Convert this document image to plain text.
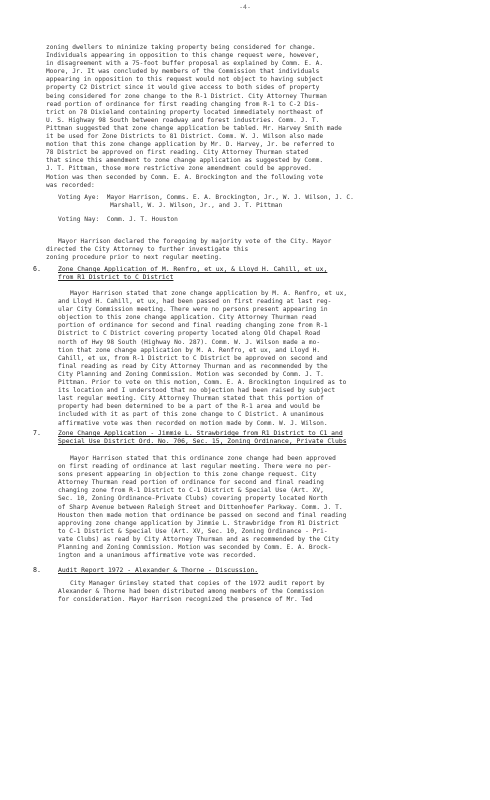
-4-
zoning dwellers to minimize taking property being considered for change.
Individuals appearing in opposition to this change request were, however,
in disagreement with a 75-foot buffer proposal as explained by Comm. E. A.
Moore, Jr. It was concluded by members of the Commission that individuals
appearing in opposition to this request would not object to having subject
property C2 District since it would give access to both sides of property
being considered for zone change to the R-1 District. City Attorney Thurman
read portion of ordinance for first reading changing from R-1 to C-2 Dis-
trict on 78 Dixieland containing property located immediately northeast of
U. S. Highway 98 South between roadway and forest industries. Comm. J. T.
Pittman suggested that zone change application be tabled. Mr. Harvey Smith made
it be used for Zone Districts to 81 District. Comm. W. J. Wilson also made
motion that this zone change application by Mr. D. Harvey, Jr. be referred to
78 District be approved on first reading. City Attorney Thurman stated
that since this amendment to zone change application as suggested by Comm.
J. T. Pittman, those more restrictive zone amendment could be approved.
Motion was then seconded by Comm. E. A. Brockington and the following vote
was recorded:
Voting Aye: Mayor Harrison, Comms. E. A. Brockington, Jr., W. J. Wilson, J. C.
Marshall, W. J. Wilson, Jr., and J. T. Pittman
Voting Nay: Comm. J. T. Houston
Mayor Harrison declared the foregoing by majority vote of the City. Mayor
directed the City Attorney to further investigate this
zoning procedure prior to next regular meeting.
6.	Zone Change Application of M. Renfro, et ux, & Lloyd H. Cahill, et ux,
from R1 District to C District
Mayor Harrison stated that zone change application by M. A. Renfro, et ux,
and Lloyd H. Cahill, et ux, had been passed on first reading at last reg-
ular City Commission meeting. There were no persons present appearing in
objection to this zone change application. City Attorney Thurman read
portion of ordinance for second and final reading changing zone from R-1
District to C District covering property located along Old Chapel Road
north of Hwy 98 South (Highway No. 287). Comm. W. J. Wilson made a mo-
tion that zone change application by M. A. Renfro, et ux, and Lloyd H.
Cahill, et ux, from R-1 District to C District be approved on second and
final reading as read by City Attorney Thurman and as recommended by the
City Planning and Zoning Commission. Motion was seconded by Comm. J. T.
Pittman. Prior to vote on this motion, Comm. E. A. Brockington inquired as to
its location and I understood that no objection had been raised by subject
last regular meeting. City Attorney Thurman stated that this portion of
property had been determined to be a part of the R-1 area and would be
included with it as part of this zone change to C District. A unanimous
affirmative vote was then recorded on motion made by Comm. W. J. Wilson.
7.	Zone Change Application - Jimmie L. Strawbridge from R1 District to C1 and
Special Use District Ord. No. 706, Sec. 15, Zoning Ordinance, Private Clubs
Mayor Harrison stated that this ordinance zone change had been approved
on first reading of ordinance at last regular meeting. There were no per-
sons present appearing in objection to this zone change request. City
Attorney Thurman read portion of ordinance for second and final reading
changing zone from R-1 District to C-1 District & Special Use (Art. XV,
Sec. 10, Zoning Ordinance-Private Clubs) covering property located North
of Sharp Avenue between Raleigh Street and Dittenhoefer Parkway. Comm. J. T.
Houston then made motion that ordinance be passed on second and final reading
approving zone change application by Jimmie L. Strawbridge from R1 District
to C-1 District & Special Use (Art. XV, Sec. 10, Zoning Ordinance - Pri-
vate Clubs) as read by City Attorney Thurman and as recommended by the City
Planning and Zoning Commission. Motion was seconded by Comm. E. A. Brock-
ington and a unanimous affirmative vote was recorded.
8.	Audit Report 1972 - Alexander & Thorne - Discussion.
City Manager Grimsley stated that copies of the 1972 audit report by
Alexander & Thorne had been distributed among members of the Commission
for consideration. Mayor Harrison recognized the presence of Mr. Ted
